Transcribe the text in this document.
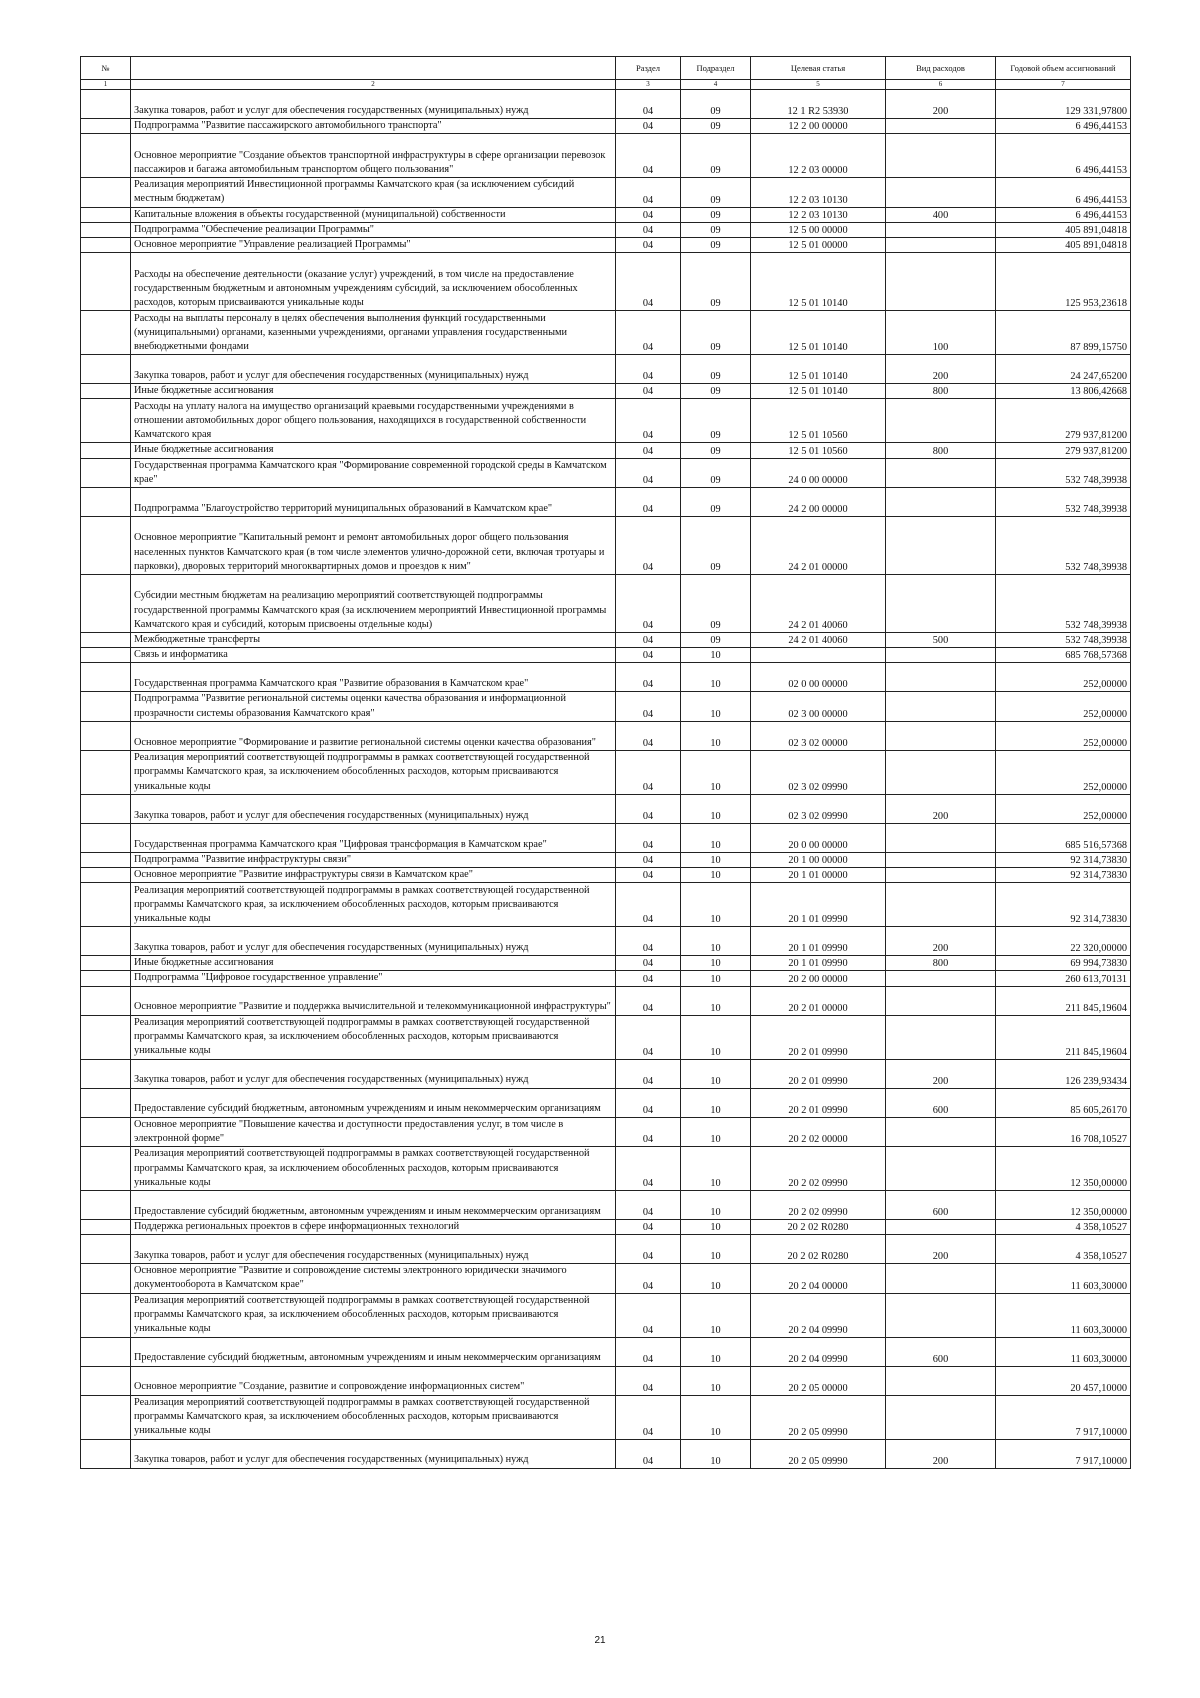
№		Раздел	Подраздел	Целевая статья	Вид расходов	Годовой объем ассигнований
1	2	3	4	5	6	7
	Закупка товаров, работ и услуг для обеспечения государственных (муниципальных) нужд	04	09	12 1 R2 53930	200	129 331,97800
	Подпрограмма "Развитие пассажирского автомобильного транспорта"	04	09	12 2 00 00000		6 496,44153
	Основное мероприятие "Создание объектов транспортной инфраструктуры в сфере организации перевозок пассажиров и багажа автомобильным транспортом общего пользования"	04	09	12 2 03 00000		6 496,44153
	Реализация мероприятий Инвестиционной программы Камчатского края (за исключением субсидий местным бюджетам)	04	09	12 2 03 10130		6 496,44153
	Капитальные вложения в объекты государственной (муниципальной) собственности	04	09	12 2 03 10130	400	6 496,44153
	Подпрограмма "Обеспечение реализации Программы"	04	09	12 5 00 00000		405 891,04818
	Основное мероприятие "Управление реализацией Программы"	04	09	12 5 01 00000		405 891,04818
	Расходы на обеспечение деятельности (оказание услуг) учреждений, в том числе на предоставление государственным бюджетным и автономным учреждениям субсидий, за исключением обособленных расходов, которым присваиваются уникальные коды	04	09	12 5 01 10140		125 953,23618
	Расходы на выплаты персоналу в целях обеспечения выполнения функций государственными (муниципальными) органами, казенными учреждениями, органами управления государственными внебюджетными фондами	04	09	12 5 01 10140	100	87 899,15750
	Закупка товаров, работ и услуг для обеспечения государственных (муниципальных) нужд	04	09	12 5 01 10140	200	24 247,65200
	Иные бюджетные ассигнования	04	09	12 5 01 10140	800	13 806,42668
	Расходы на уплату налога на имущество организаций краевыми государственными учреждениями в отношении автомобильных дорог общего пользования, находящихся в государственной собственности Камчатского края	04	09	12 5 01 10560		279 937,81200
	Иные бюджетные ассигнования	04	09	12 5 01 10560	800	279 937,81200
	Государственная программа Камчатского края "Формирование современной городской среды в Камчатском крае"	04	09	24 0 00 00000		532 748,39938
	Подпрограмма "Благоустройство территорий муниципальных образований в Камчатском крае"	04	09	24 2 00 00000		532 748,39938
	Основное мероприятие "Капитальный ремонт и ремонт автомобильных дорог общего пользования населенных пунктов Камчатского края (в том числе элементов улично-дорожной сети, включая тротуары и парковки), дворовых территорий многоквартирных домов и проездов к ним"	04	09	24 2 01 00000		532 748,39938
	Субсидии местным бюджетам на реализацию мероприятий соответствующей подпрограммы государственной программы Камчатского края (за исключением мероприятий Инвестиционной программы Камчатского края и субсидий, которым присвоены отдельные коды)	04	09	24 2 01 40060		532 748,39938
	Межбюджетные трансферты	04	09	24 2 01 40060	500	532 748,39938
	Связь и информатика	04	10			685 768,57368
	Государственная программа Камчатского края "Развитие образования в Камчатском крае"	04	10	02 0 00 00000		252,00000
	Подпрограмма "Развитие региональной системы оценки качества образования и информационной прозрачности системы образования Камчатского края"	04	10	02 3 00 00000		252,00000
	Основное мероприятие "Формирование и развитие региональной системы оценки качества образования"	04	10	02 3 02 00000		252,00000
	Реализация мероприятий соответствующей подпрограммы в рамках соответствующей государственной программы Камчатского края, за исключением обособленных расходов, которым присваиваются уникальные коды	04	10	02 3 02 09990		252,00000
	Закупка товаров, работ и услуг для обеспечения государственных (муниципальных) нужд	04	10	02 3 02 09990	200	252,00000
	Государственная программа Камчатского края "Цифровая трансформация в Камчатском крае"	04	10	20 0 00 00000		685 516,57368
	Подпрограмма "Развитие инфраструктуры связи"	04	10	20 1 00 00000		92 314,73830
	Основное мероприятие "Развитие инфраструктуры связи в Камчатском крае"	04	10	20 1 01 00000		92 314,73830
	Реализация мероприятий соответствующей подпрограммы в рамках соответствующей государственной программы Камчатского края, за исключением обособленных расходов, которым присваиваются уникальные коды	04	10	20 1 01 09990		92 314,73830
	Закупка товаров, работ и услуг для обеспечения государственных (муниципальных) нужд	04	10	20 1 01 09990	200	22 320,00000
	Иные бюджетные ассигнования	04	10	20 1 01 09990	800	69 994,73830
	Подпрограмма "Цифровое государственное управление"	04	10	20 2 00 00000		260 613,70131
	Основное мероприятие "Развитие и поддержка вычислительной и телекоммуникационной инфраструктуры"	04	10	20 2 01 00000		211 845,19604
	Реализация мероприятий соответствующей подпрограммы в рамках соответствующей государственной программы Камчатского края, за исключением обособленных расходов, которым присваиваются уникальные коды	04	10	20 2 01 09990		211 845,19604
	Закупка товаров, работ и услуг для обеспечения государственных (муниципальных) нужд	04	10	20 2 01 09990	200	126 239,93434
	Предоставление субсидий бюджетным, автономным учреждениям и иным некоммерческим организациям	04	10	20 2 01 09990	600	85 605,26170
	Основное мероприятие "Повышение качества и доступности предоставления услуг, в том числе в электронной форме"	04	10	20 2 02 00000		16 708,10527
	Реализация мероприятий соответствующей подпрограммы в рамках соответствующей государственной программы Камчатского края, за исключением обособленных расходов, которым присваиваются уникальные коды	04	10	20 2 02 09990		12 350,00000
	Предоставление субсидий бюджетным, автономным учреждениям и иным некоммерческим организациям	04	10	20 2 02 09990	600	12 350,00000
	Поддержка региональных проектов в сфере информационных технологий	04	10	20 2 02 R0280		4 358,10527
	Закупка товаров, работ и услуг для обеспечения государственных (муниципальных) нужд	04	10	20 2 02 R0280	200	4 358,10527
	Основное мероприятие "Развитие и сопровождение системы электронного юридически значимого документооборота в Камчатском крае"	04	10	20 2 04 00000		11 603,30000
	Реализация мероприятий соответствующей подпрограммы в рамках соответствующей государственной программы Камчатского края, за исключением обособленных расходов, которым присваиваются уникальные коды	04	10	20 2 04 09990		11 603,30000
	Предоставление субсидий бюджетным, автономным учреждениям и иным некоммерческим организациям	04	10	20 2 04 09990	600	11 603,30000
	Основное мероприятие "Создание, развитие и сопровождение информационных систем"	04	10	20 2 05 00000		20 457,10000
	Реализация мероприятий соответствующей подпрограммы в рамках соответствующей государственной программы Камчатского края, за исключением обособленных расходов, которым присваиваются уникальные коды	04	10	20 2 05 09990		7 917,10000
	Закупка товаров, работ и услуг для обеспечения государственных (муниципальных) нужд	04	10	20 2 05 09990	200	7 917,10000
21
